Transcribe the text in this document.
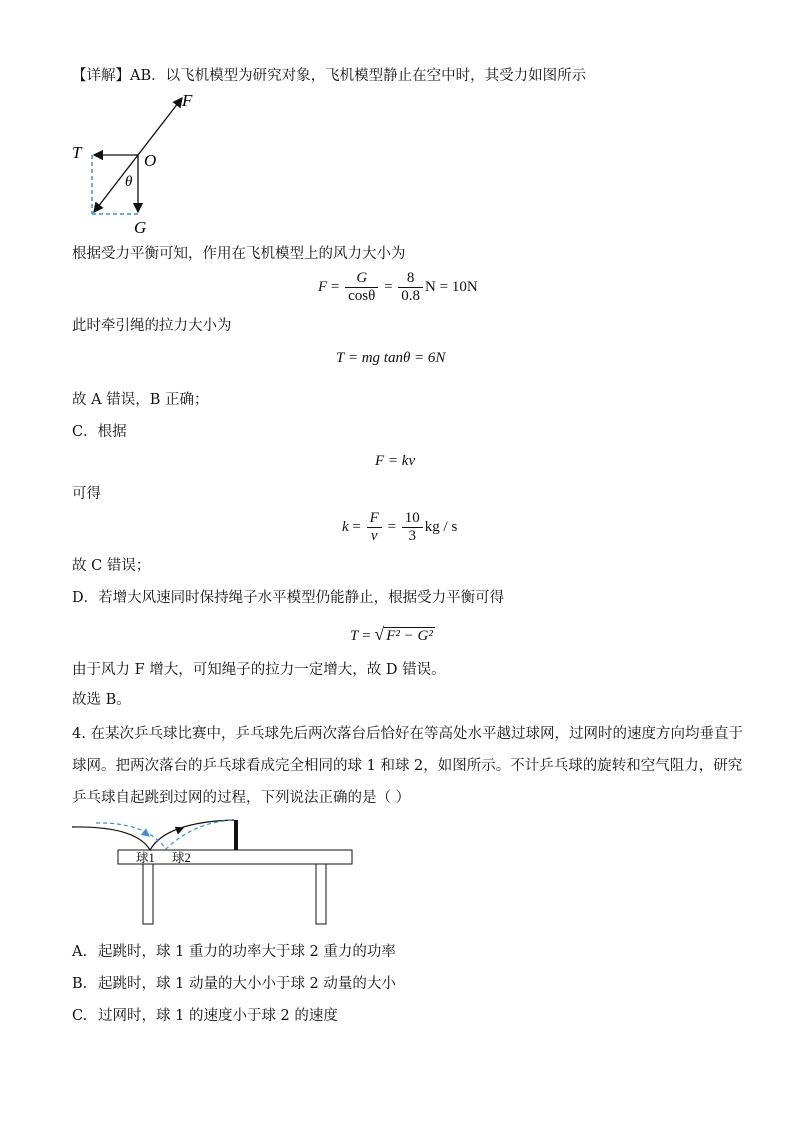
【详解】AB．以飞机模型为研究对象，飞机模型静止在空中时，其受力如图所示
F
T	O
θ
G
根据受力平衡可知，作用在飞机模型上的风力大小为
$F = \frac{G}{\cos\theta} = \frac{8}{0.8}$ N = 10N
此时牵引绳的拉力大小为
T = mg tanθ = 6N
故 A 错误，B 正确；
C．根据
F = kv
可得
$k = \frac{F}{v} = \frac{10}{3}$ kg / s
故 C 错误；
D．若增大风速同时保持绳子水平模型仍能静止，根据受力平衡可得
T = √ F² − G²
由于风力 F 增大，可知绳子的拉力一定增大，故 D 错误。
故选 B。
4. 在某次乒乓球比赛中，乒乓球先后两次落台后恰好在等高处水平越过球网，过网时的速度方向均垂直于
球网。把两次落台的乒乓球看成完全相同的球 1 和球 2，如图所示。不计乒乓球的旋转和空气阻力，研究
乒乓球自起跳到过网的过程，下列说法正确的是（ ）
球1 球2
A. 起跳时，球 1 重力的功率大于球 2 重力的功率
B. 起跳时，球 1 动量的大小小于球 2 动量的大小
C. 过网时，球 1 的速度小于球 2 的速度
